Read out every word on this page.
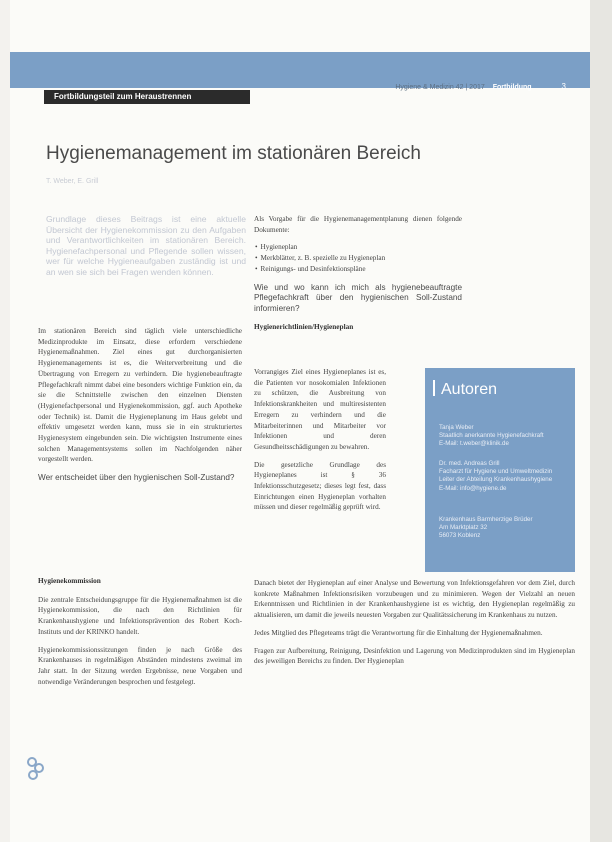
Hygiene & Medizin 42 | 2017 Fortbildung	3
Fortbildungsteil zum Heraustrennen
Hygienemanagement im stationären Bereich
T. Weber, E. Grill
Grundlage dieses Beitrags ist eine aktuelle Übersicht der Hygienekommission zu den Aufgaben und Verantwortlichkeiten im stationären Bereich. Hygienefachpersonal und Pflegende sollen wissen, wer für welche Hygieneaufgaben zuständig ist und an wen sie sich bei Fragen wenden können.

Im stationären Bereich sind täglich viele unterschiedliche Medizinprodukte im Einsatz, diese erfordern verschiedene Hygienemaßnahmen. Ziel eines gut durchorganisierten Hygienemanagements ist es, die Weiterverbreitung und die Übertragung von Erregern zu verhindern. Die hygienebeauftragte Pflegefachkraft nimmt dabei eine besonders wichtige Funktion ein, da sie die Schnittstelle zwischen den einzelnen Diensten (Hygienefachpersonal und Hygienekommission, ggf. auch Apotheke oder Technik) ist. Damit die Hygieneplanung im Haus gelebt und effektiv umgesetzt werden kann, muss sie in ein strukturiertes Hygienesystem eingebunden sein. Die wichtigsten Instrumente eines solchen Managementsystems sollen im Nachfolgenden näher vorgestellt werden.

Wer entscheidet über den hygienischen Soll-Zustand?

Als Vorgabe für die Hygienemanagementplanung dienen folgende Dokumente:

• Hygieneplan
• Merkblätter, z. B. spezielle zu Hygieneplan
• Reinigungs- und Desinfektionspläne
Wie und wo kann ich mich als hygienebeauftragte Pflegefachkraft über den hygienischen Soll-Zustand informieren?
Hygienerichtlinien/Hygieneplan

Vorrangiges Ziel eines Hygieneplanes ist es, die Patienten vor nosokomialen Infektionen zu schützen, die Ausbreitung von Infektionskrankheiten und multiresistenten Erregern zu verhindern und die Mitarbeiterinnen und Mitarbeiter vor Infektionen und deren Gesundheitsschädigungen zu bewahren.

Die gesetzliche Grundlage des Hygieneplanes ist § 36 Infektionsschutzgesetz; dieses legt fest, dass Einrichtungen einen Hygieneplan vorhalten müssen und dieser regelmäßig geprüft wird.

Autoren
Tanja Weber
Staatlich anerkannte Hygienefachkraft
E-Mail: t.weber@klinik.de
Dr. med. Andreas Grill
Facharzt für Hygiene und Umweltmedizin
Leiter der Abteilung Krankenhaushygiene
E-Mail: info@hygiene.de
Krankenhaus Barmherzige Brüder
Am Marktplatz 32
56073 Koblenz
Hygienekommission

Die zentrale Entscheidungsgruppe für die Hygienemaßnahmen ist die Hygienekommission, die nach den Richtlinien für Krankenhaushygiene und Infektionsprävention des Robert Koch-Instituts und der KRINKO handelt.

Hygienekommissionssitzungen finden je nach Größe des Krankenhauses in regelmäßigen Abständen mindestens zweimal im Jahr statt. In der Sitzung werden Ergebnisse, neue Vorgaben und notwendige Veränderungen besprochen und festgelegt.

Danach bietet der Hygieneplan auf einer Analyse und Bewertung von Infektionsgefahren vor dem Ziel, durch konkrete Maßnahmen Infektionsrisiken vorzubeugen und zu minimieren. Wegen der Vielzahl an neuen Erkenntnissen und Richtlinien in der Krankenhaushygiene ist es wichtig, den Hygieneplan regelmäßig zu aktualisieren, um damit die jeweils neuesten Vorgaben zur Qualitätssicherung im Krankenhaus zu nutzen.

Jedes Mitglied des Pflegeteams trägt die Verantwortung für die Einhaltung der Hygienemaßnahmen.

Fragen zur Aufbereitung, Reinigung, Desinfektion und Lagerung von Medizinprodukten sind im Hygieneplan des jeweiligen Bereichs zu finden. Der Hygieneplan
